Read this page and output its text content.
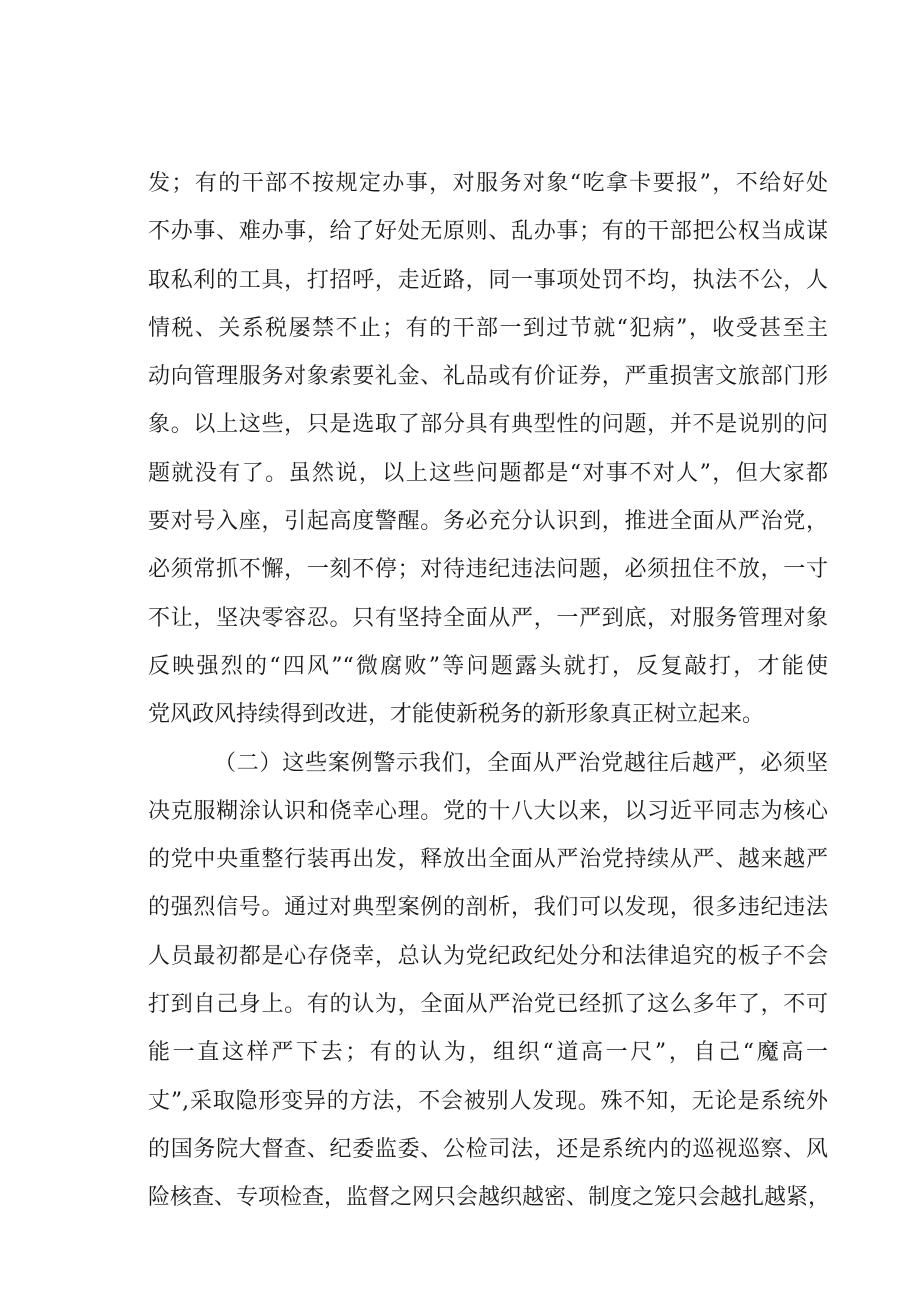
发；有的干部不按规定办事，对服务对象“吃拿卡要报”，不给好处
不办事、难办事，给了好处无原则、乱办事；有的干部把公权当成谋
取私利的工具，打招呼，走近路，同一事项处罚不均，执法不公，人
情税、关系税屡禁不止；有的干部一到过节就“犯病”，收受甚至主
动向管理服务对象索要礼金、礼品或有价证券，严重损害文旅部门形
象。以上这些，只是选取了部分具有典型性的问题，并不是说别的问
题就没有了。虽然说，以上这些问题都是“对事不对人”，但大家都
要对号入座，引起高度警醒。务必充分认识到，推进全面从严治党，
必须常抓不懈，一刻不停；对待违纪违法问题，必须扭住不放，一寸
不让，坚决零容忍。只有坚持全面从严，一严到底，对服务管理对象
反映强烈的“四风”“微腐败”等问题露头就打，反复敲打，才能使
党风政风持续得到改进，才能使新税务的新形象真正树立起来。
（二）这些案例警示我们，全面从严治党越往后越严，必须坚
决克服糊涂认识和侥幸心理。党的十八大以来，以习近平同志为核心
的党中央重整行装再出发，释放出全面从严治党持续从严、越来越严
的强烈信号。通过对典型案例的剖析，我们可以发现，很多违纪违法
人员最初都是心存侥幸，总认为党纪政纪处分和法律追究的板子不会
打到自己身上。有的认为，全面从严治党已经抓了这么多年了，不可
能一直这样严下去；有的认为，组织“道高一尺”，自己“魔高一
丈”,采取隐形变异的方法，不会被别人发现。殊不知，无论是系统外
的国务院大督查、纪委监委、公检司法，还是系统内的巡视巡察、风
险核查、专项检查，监督之网只会越织越密、制度之笼只会越扎越紧，
